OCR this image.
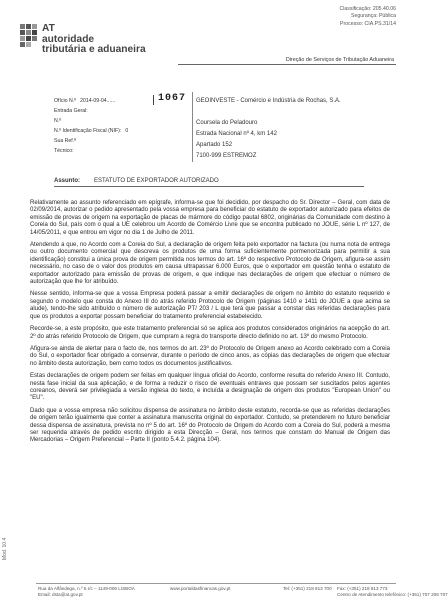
Classificação: 205.40.06
Segurança: Pública
Processo: CIA.PS.31/14
AT
autoridade
tributária e aduaneira
Direção de Serviços de Tributação Aduaneira
Ofício N.º 2014-09-04......
Entrada Geral:
N.º
N.º Identificação Fiscal (NIF): 0
Sua Ref.ª
Técnico:
1067 GEOINVESTE - Comércio e Indústria de Rochas, S.A.

Coursela do Peladouro
Estrada Nacional nº 4, km 142
Apartado 152
7100-999 ESTREMOZ
Assunto: ESTATUTO DE EXPORTADOR AUTORIZADO

Relativamente ao assunto referenciado em epígrafe, informa-se que foi decidido, por despacho do Sr. Director – Geral, com data de 02/09/2014, autorizar o pedido apresentado pela vossa empresa para beneficiar do estatuto de exportador autorizado para efeitos de emissão de provas de origem na exportação de placas de mármore do código pautal 6802, originárias da Comunidade com destino à Coreia do Sul, país com o qual a UE celebrou um Acordo de Comércio Livre que se encontra publicado no JOUE, série L nº 127, de 14/05/2011, e que entrou em vigor no dia 1 de Julho de 2011.

Atendendo a que, no Acordo com a Coreia do Sul, a declaração de origem feita pelo exportador na factura (ou numa nota de entrega ou outro documento comercial que descreva os produtos de uma forma suficientemente pormenorizada para permitir a sua identificação) constitui a única prova de origem permitida nos termos do art. 16º do respectivo Protocolo de Origem, afigura-se assim necessário, no caso de o valor dos produtos em causa ultrapassar 6.000 Euros, que o exportador em questão tenha o estatuto de exportador autorizado para emissão de provas de origem, e que indique nas declarações de origem que efectuar o número de autorização que lhe for atribuído.

Nesse sentido, informa-se que a vossa Empresa poderá passar a emitir declarações de origem no âmbito do estatuto requerido e segundo o modelo que consta do Anexo III do atrás referido Protocolo de Origem (páginas 1410 e 1411 do JOUE a que acima se alude), tendo-lhe sido atribuído o número de autorização PT/ 203 / L que terá que passar a constar das referidas declarações para que os produtos a exportar possam beneficiar do tratamento preferencial estabelecido.

Recorde-se, a este propósito, que este tratamento preferencial só se aplica aos produtos considerados originários na acepção do art. 2º do atrás referido Protocolo de Origem, que cumpram a regra do transporte directo definido no art. 13º do mesmo Protocolo.

Afigura-se ainda de alertar para o facto de, nos termos do art. 23º do Protocolo de Origem anexo ao Acordo celebrado com a Coreia do Sul, o exportador ficar obrigado a conservar, durante o período de cinco anos, as cópias das declarações de origem que efectuar no âmbito desta autorização, bem como todos os documentos justificativos.

Estas declarações de origem podem ser feitas em qualquer língua oficial do Acordo, conforme resulta do referido Anexo III. Contudo, nesta fase inicial da sua aplicação, e de forma a reduzir o risco de eventuais entraves que possam ser suscitados pelos agentes coreanos, deverá ser privilegiada a versão inglesa do texto, e incluída a designação de origem dos produtos "European Union" ou "EU".

Dado que a vossa empresa não solicitou dispensa de assinatura no âmbito deste estatuto, recorda-se que as referidas declarações de origem terão igualmente que conter a assinatura manuscrita original do exportador. Contudo, se pretenderem no futuro beneficiar dessa dispensa de assinatura, prevista no nº 5 do art. 16º do Protocolo de Origem do Acordo com a Coreia do Sul, poderá a mesma ser requerida através de pedido escrito dirigido a esta Direcção – Geral, nos termos que constam do Manual de Origem das Mercadorias – Origem Preferencial – Parte II (ponto 5.4.2. página 104).

Mod. 10.4
Rua da Alfândega, n.º 5 r/c – 1149-006 LISBOA
Email: dsta@at.gov.pt
www.portaldasfinancas.gov.pt	Tel: (+351) 218 813 700 Fax: (+351) 218 813 773
Centro de Atendimento telefónico: (+351) 707 206 707
